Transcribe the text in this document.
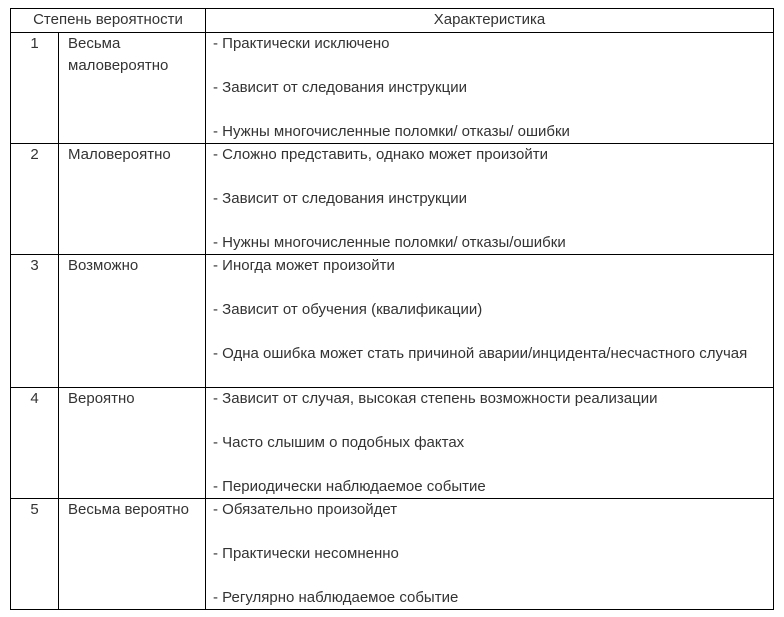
Степень вероятности		Характеристика
1	Весьма маловероятно	- Практически исключено
- Зависит от следования инструкции
- Нужны многочисленные поломки/ отказы/ ошибки

2	Маловероятно	- Сложно представить, однако может произойти
- Зависит от следования инструкции
- Нужны многочисленные поломки/ отказы/ошибки

3	Возможно	- Иногда может произойти
- Зависит от обучения (квалификации)
- Одна ошибка может стать причиной аварии/инцидента/несчастного случая

4	Вероятно	- Зависит от случая, высокая степень возможности реализации
- Часто слышим о подобных фактах
- Периодически наблюдаемое событие

5	Весьма вероятно	- Обязательно произойдет
- Практически несомненно
- Регулярно наблюдаемое событие
